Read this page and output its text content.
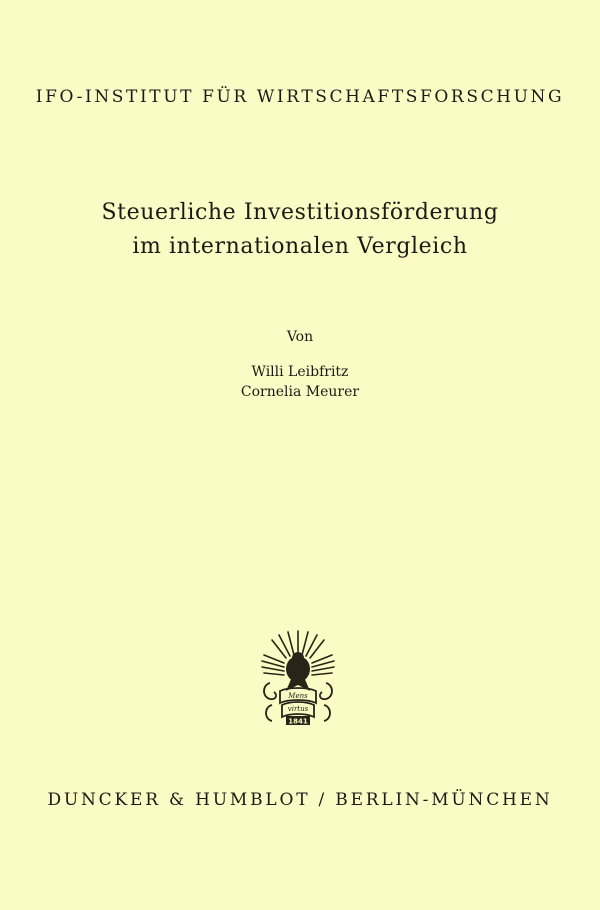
IFO-INSTITUT FÜR WIRTSCHAFTSFORSCHUNG
Steuerliche Investitionsförderung
im internationalen Vergleich
Von
Willi Leibfritz
Cornelia Meurer
Mens
virtus
1841
DUNCKER & HUMBLOT / BERLIN-MÜNCHEN
